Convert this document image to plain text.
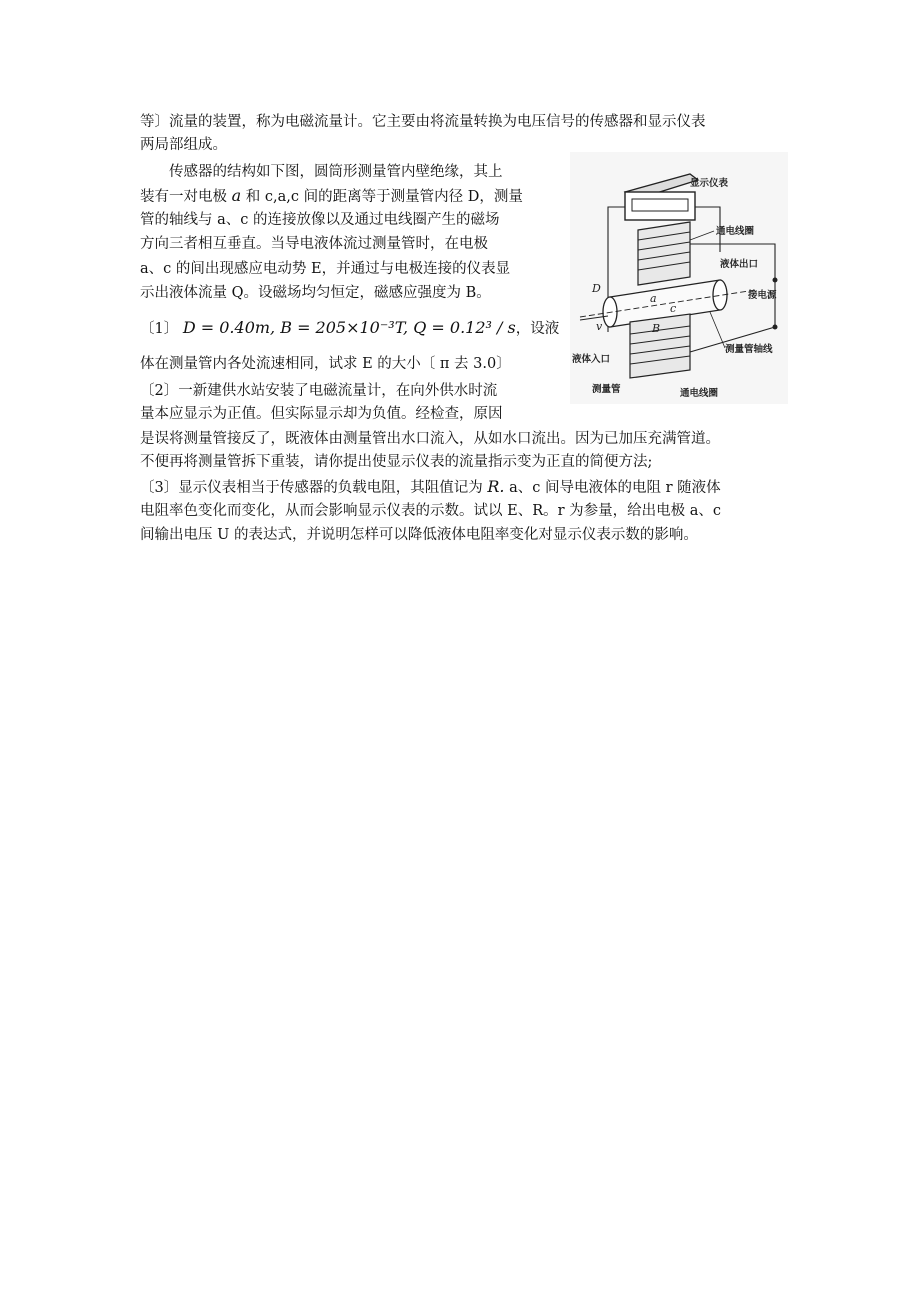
等〕流量的装置，称为电磁流量计。它主要由将流量转换为电压信号的传感器和显示仪表
两局部组成。
　　传感器的结构如下图，圆筒形测量管内壁绝缘，其上
装有一对电极 a 和 c,a,c 间的距离等于测量管内径 D，测量
管的轴线与 a、c 的连接放像以及通过电线圈产生的磁场
方向三者相互垂直。当导电液体流过测量管时，在电极
a、c 的间出现感应电动势 E，并通过与电极连接的仪表显
示出液体流量 Q。设磁场均匀恒定，磁感应强度为 B。
〔1〕 D = 0.40m, B = 205×10⁻³T, Q = 0.12³ / s，设液
体在测量管内各处流速相同，试求 E 的大小〔 π 去 3.0〕
〔2〕一新建供水站安装了电磁流量计，在向外供水时流
量本应显示为正值。但实际显示却为负值。经检查，原因
是误将测量管接反了，既液体由测量管出水口流入，从如水口流出。因为已加压充满管道。
不便再将测量管拆下重装，请你提出使显示仪表的流量指示变为正直的简便方法;
〔3〕显示仪表相当于传感器的负载电阻，其阻值记为 R. a、c 间导电液体的电阻 r 随液体
电阻率色变化而变化，从而会影响显示仪表的示数。试以 E、R。r 为参量，给出电极 a、c
间输出电压 U 的表达式，并说明怎样可以降低液体电阻率变化对显示仪表示数的影响。
显示仪表
接电源
通电线圈
液体出口
测量管轴线
D
v
a
c
B
液体入口
测量管	通电线圈
